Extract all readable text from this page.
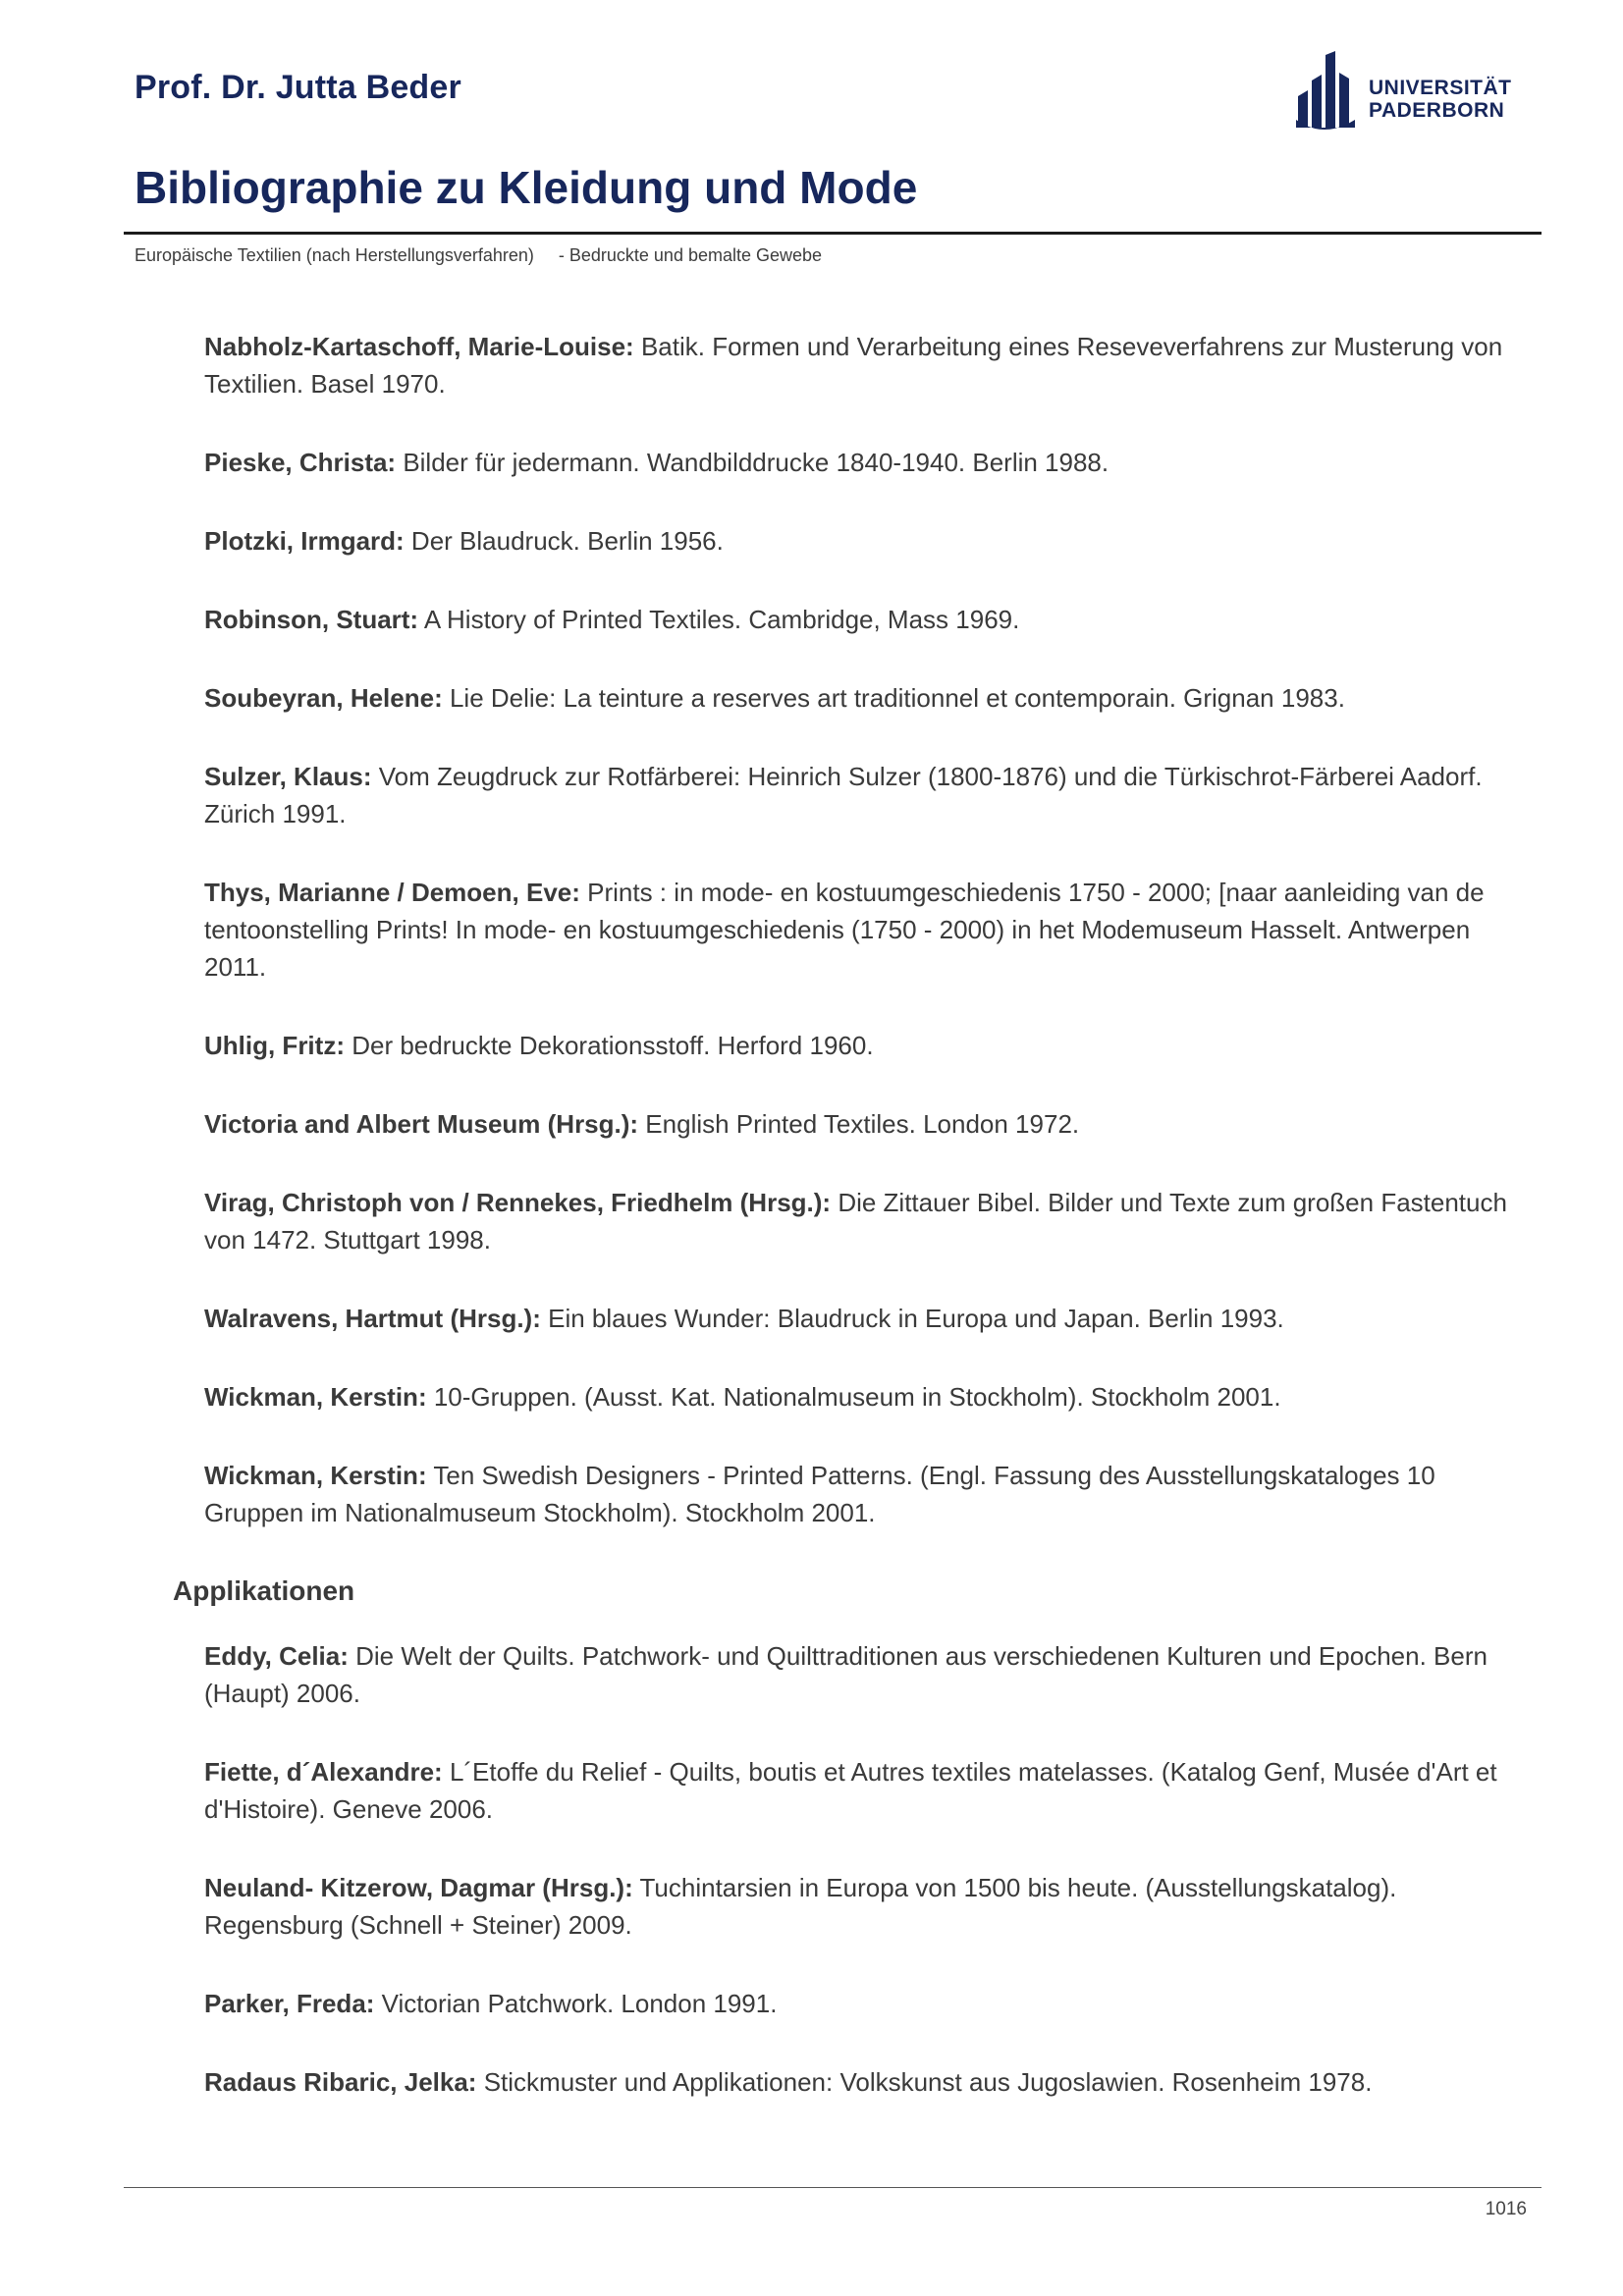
Prof. Dr. Jutta Beder	UNIVERSITÄT
PADERBORN
Bibliographie zu Kleidung und Mode
Europäische Textilien (nach Herstellungsverfahren)     - Bedruckte und bemalte Gewebe
Nabholz-Kartaschoff, Marie-Louise: Batik. Formen und Verarbeitung eines Reseveverfahrens zur Musterung von Textilien. Basel 1970.
Pieske, Christa: Bilder für jedermann. Wandbilddrucke 1840-1940. Berlin 1988.
Plotzki, Irmgard: Der Blaudruck. Berlin 1956.
Robinson, Stuart: A History of Printed Textiles. Cambridge, Mass 1969.
Soubeyran, Helene: Lie Delie: La teinture a reserves art traditionnel et contemporain. Grignan 1983.
Sulzer, Klaus: Vom Zeugdruck zur Rotfärberei: Heinrich Sulzer (1800-1876) und die Türkischrot-Färberei Aadorf. Zürich 1991.
Thys, Marianne / Demoen, Eve: Prints : in mode- en kostuumgeschiedenis 1750 - 2000; [naar aanleiding van de tentoonstelling Prints! In mode- en kostuumgeschiedenis (1750 - 2000) in het Modemuseum Hasselt. Antwerpen 2011.
Uhlig, Fritz: Der bedruckte Dekorationsstoff. Herford 1960.
Victoria and Albert Museum (Hrsg.): English Printed Textiles. London 1972.
Virag, Christoph von / Rennekes, Friedhelm (Hrsg.): Die Zittauer Bibel. Bilder und Texte zum großen Fastentuch von 1472. Stuttgart 1998.
Walravens, Hartmut (Hrsg.): Ein blaues Wunder: Blaudruck in Europa und Japan. Berlin 1993.
Wickman, Kerstin: 10-Gruppen. (Ausst. Kat. Nationalmuseum in Stockholm). Stockholm 2001.
Wickman, Kerstin: Ten Swedish Designers - Printed Patterns. (Engl. Fassung des Ausstellungskataloges 10 Gruppen im Nationalmuseum Stockholm). Stockholm 2001.
Applikationen
Eddy, Celia: Die Welt der Quilts. Patchwork- und Quilttraditionen aus verschiedenen Kulturen und Epochen. Bern (Haupt) 2006.
Fiette, d´Alexandre: L´Etoffe du Relief - Quilts, boutis et Autres textiles matelasses. (Katalog Genf, Musée d'Art et d'Histoire). Geneve 2006.
Neuland- Kitzerow, Dagmar (Hrsg.): Tuchintarsien in Europa von 1500 bis heute. (Ausstellungskatalog). Regensburg (Schnell + Steiner) 2009.
Parker, Freda: Victorian Patchwork. London 1991.
Radaus Ribaric, Jelka: Stickmuster und Applikationen: Volkskunst aus Jugoslawien. Rosenheim 1978.
1016
